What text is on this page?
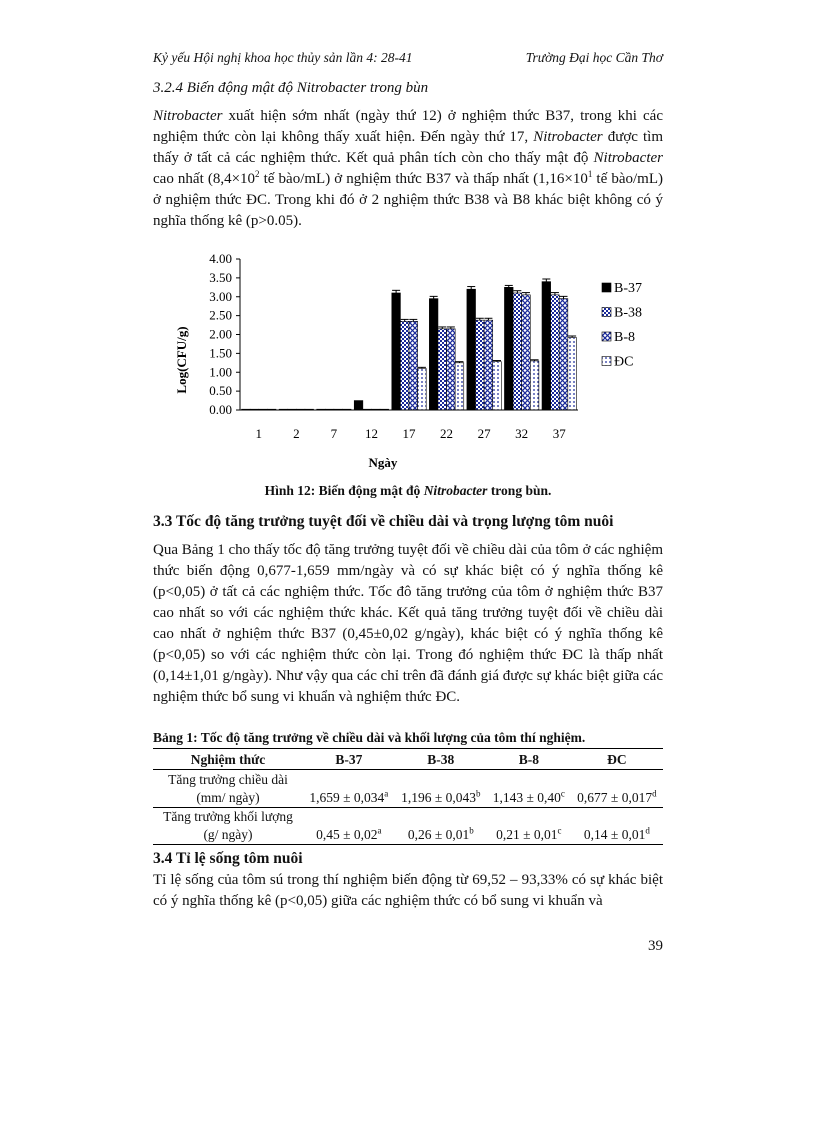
Kỷ yếu Hội nghị khoa học thủy sản lần 4: 28-41	Trường Đại học Cần Thơ
3.2.4 Biến động mật độ Nitrobacter trong bùn
Nitrobacter xuất hiện sớm nhất (ngày thứ 12) ở nghiệm thức B37, trong khi các nghiệm thức còn lại không thấy xuất hiện. Đến ngày thứ 17, Nitrobacter được tìm thấy ở tất cả các nghiệm thức. Kết quả phân tích còn cho thấy mật độ Nitrobacter cao nhất ($8,4\times 10^2$ tế bào/mL) ở nghiệm thức B37 và thấp nhất ($1,16\times 10^1$ tế bào/mL) ở nghiệm thức ĐC. Trong khi đó ở 2 nghiệm thức B38 và B8 khác biệt không có ý nghĩa thống kê (p>0.05).
Log(CFU/g)
Ngày
0.00
0.50
1.00
1.50
2.00
2.50
3.00
3.50
4.00
1 2 7 12 17 22 27 32 37
B-37
B-38
B-8
ĐC
Hình 12: Biến động mật độ Nitrobacter trong bùn.
3.3 Tốc độ tăng trưởng tuyệt đối về chiều dài và trọng lượng tôm nuôi
Qua Bảng 1 cho thấy tốc độ tăng trưởng tuyệt đối về chiều dài của tôm ở các nghiệm thức biến động 0,677-1,659 mm/ngày và có sự khác biệt có ý nghĩa thống kê (p<0,05) ở tất cả các nghiệm thức. Tốc đô tăng trưởng của tôm ở nghiệm thức B37 cao nhất so với các nghiệm thức khác. Kết quả tăng trưởng tuyệt đối về chiều dài cao nhất ở nghiệm thức B37 (0,45±0,02 g/ngày), khác biệt có ý nghĩa thống kê (p<0,05) so với các nghiệm thức còn lại. Trong đó nghiệm thức ĐC là thấp nhất (0,14±1,01 g/ngày). Như vậy qua các chỉ trên đã đánh giá được sự khác biệt giữa các nghiệm thức bổ sung vi khuẩn và nghiệm thức ĐC.
Bảng 1: Tốc độ tăng trưởng về chiều dài và khối lượng của tôm thí nghiệm.
Nghiệm thức	B-37	B-38	B-8	ĐC

Tăng trưởng chiều dài
(mm/ ngày)	1,659 ± 0,034$^a$	1,196 ± 0,043$^b$	1,143 ± 0,40$^c$	0,677 ± 0,017$^d$

Tăng trưởng khối lượng
(g/ ngày)	0,45 ± 0,02$^a$	0,26 ± 0,01$^b$	0,21 ± 0,01$^c$	0,14 ± 0,01$^d$
3.4 Tỉ lệ sống tôm nuôi
Tỉ lệ sống của tôm sú trong thí nghiệm biến động từ 69,52 – 93,33% có sự khác biệt có ý nghĩa thống kê (p<0,05) giữa các nghiệm thức có bổ sung vi khuẩn và
39
